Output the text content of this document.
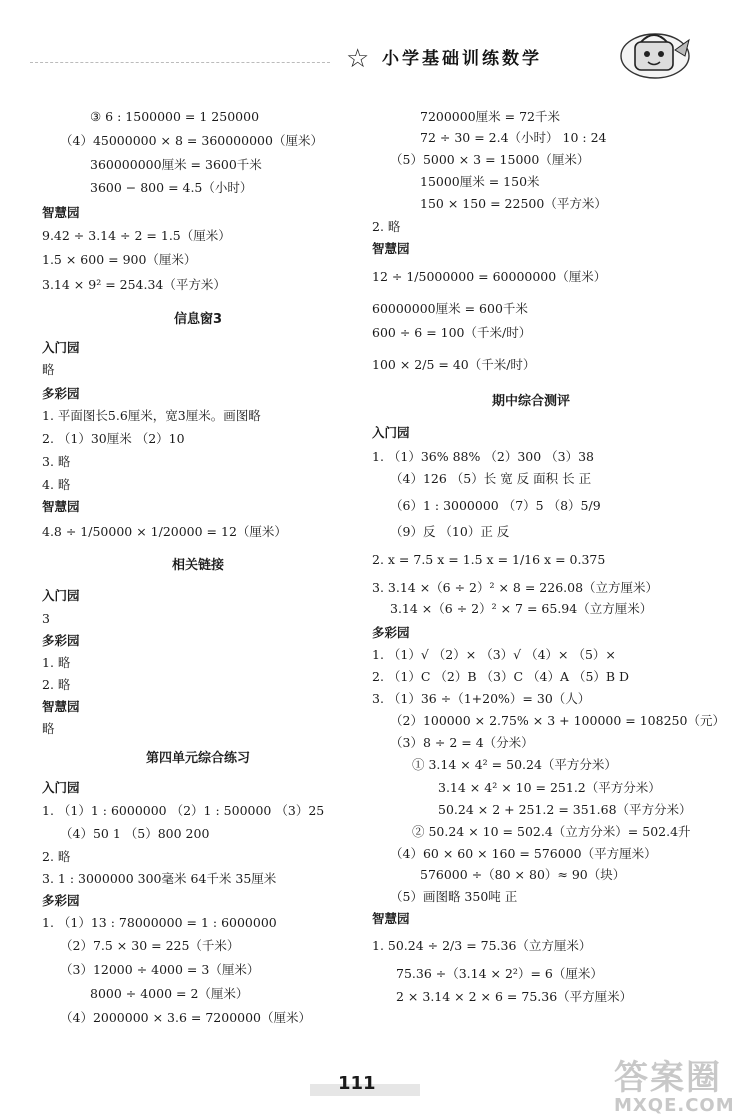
☆ 小学基础训练数学
③ 6 : 1500000 = 1 250000
（4）45000000 × 8 = 360000000（厘米）
360000000厘米 = 3600千米
3600 − 800 = 4.5（小时）
智慧园
9.42 ÷ 3.14 ÷ 2 = 1.5（厘米）
1.5 × 600 = 900（厘米）
3.14 × 9² = 254.34（平方米）
信息窗3
入门园
略
多彩园
1. 平面图长5.6厘米，宽3厘米。画图略
2. （1）30厘米 （2）10
3. 略
4. 略
智慧园
4.8 ÷ 1/50000 × 1/20000 = 12（厘米）
相关链接
入门园
3
多彩园
1. 略
2. 略
智慧园
略
第四单元综合练习
入门园
1. （1）1 : 6000000 （2）1 : 500000 （3）25
（4）50 1 （5）800 200
2. 略
3. 1 : 3000000 300毫米 64千米 35厘米
多彩园
1. （1）13 : 78000000 = 1 : 6000000
（2）7.5 × 30 = 225（千米）
（3）12000 ÷ 4000 = 3（厘米）
8000 ÷ 4000 = 2（厘米）
（4）2000000 × 3.6 = 7200000（厘米）
7200000厘米 = 72千米
72 ÷ 30 = 2.4（小时） 10 : 24
（5）5000 × 3 = 15000（厘米）
15000厘米 = 150米
150 × 150 = 22500（平方米）
2. 略
智慧园
12 ÷ 1/5000000 = 60000000（厘米）
60000000厘米 = 600千米
600 ÷ 6 = 100（千米/时）
100 × 2/5 = 40（千米/时）
期中综合测评
入门园
1. （1）36% 88% （2）300 （3）38
（4）126 （5）长 宽 反 面积 长 正
（6）1 : 3000000 （7）5 （8）5/9
（9）反 （10）正 反
2. x = 7.5 x = 1.5 x = 1/16 x = 0.375
3. 3.14 ×（6 ÷ 2）² × 8 = 226.08（立方厘米）
3.14 ×（6 ÷ 2）² × 7 = 65.94（立方厘米）
多彩园
1. （1）√ （2）× （3）√ （4）× （5）×
2. （1）C （2）B （3）C （4）A （5）B D
3. （1）36 ÷（1+20%）= 30（人）
（2）100000 × 2.75% × 3 + 100000 = 108250（元）
（3）8 ÷ 2 = 4（分米）
① 3.14 × 4² = 50.24（平方分米）
3.14 × 4² × 10 = 251.2（平方分米）
50.24 × 2 + 251.2 = 351.68（平方分米）
② 50.24 × 10 = 502.4（立方分米）= 502.4升
（4）60 × 60 × 160 = 576000（平方厘米）
576000 ÷（80 × 80）≈ 90（块）
（5）画图略 350吨 正
智慧园
1. 50.24 ÷ 2/3 = 75.36（立方厘米）
75.36 ÷（3.14 × 2²）= 6（厘米）
2 × 3.14 × 2 × 6 = 75.36（平方厘米）
111	答案圈
MXQE.COM
